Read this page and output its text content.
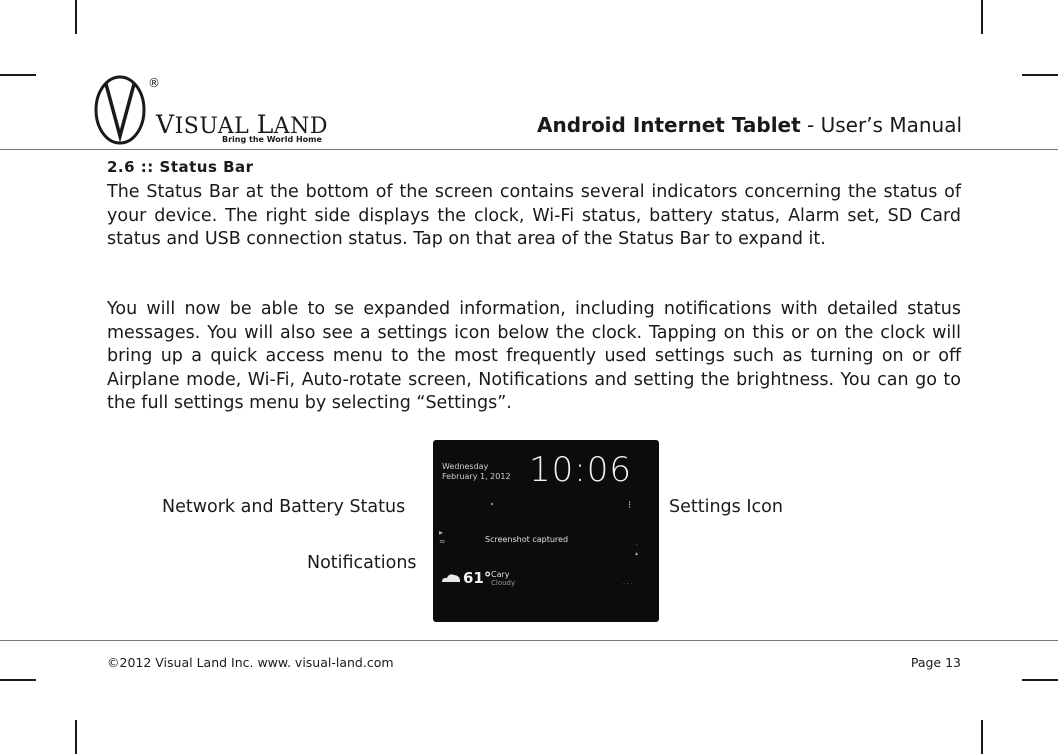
®
VISUAL LAND
Bring the World Home
Android Internet Tablet - User’s Manual
2.6 :: Status Bar

The Status Bar at the bottom of the screen contains several indicators concerning the status of your device. The right side displays the clock, Wi-Fi status, battery status, Alarm set, SD Card status and USB connection status. Tap on that area of the Status Bar to expand it.

You will now be able to se expanded information, including notifications with detailed status messages. You will also see a settings icon below the clock. Tapping on this or on the clock will bring up a quick access menu to the most frequently used settings such as turning on or off Airplane mode, Wi-Fi, Auto-rotate screen, Notifications and setting the brightness. You can go to the full settings menu by selecting “Settings”.

Network and Battery Status
Notifications
Settings Icon
Wednesday
February 1, 2012 10:06
⁝
▸
≈	Screenshot captured
·
▴
61° Cary
Cloudy	· · ·
©2012 Visual Land Inc. www. visual-land.com	Page 13
